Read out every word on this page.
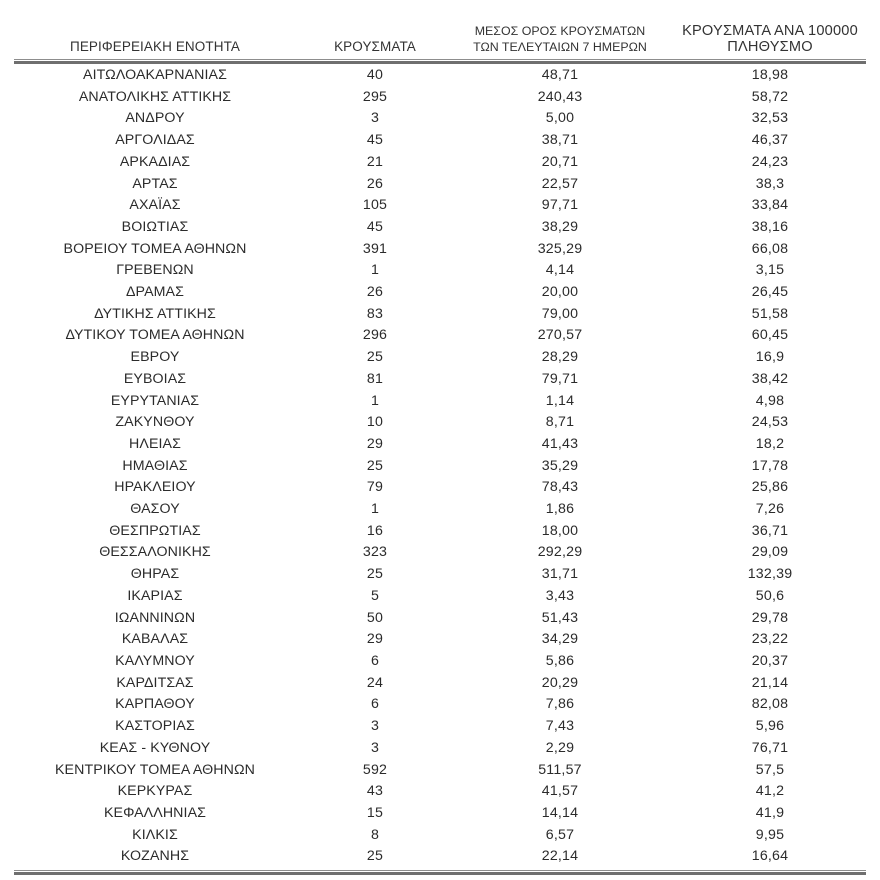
ΠΕΡΙΦΕΡΕΙΑΚΗ ΕΝΟΤΗΤΑ	ΚΡΟΥΣΜΑΤΑ	ΜΕΣΟΣ ΟΡΟΣ ΚΡΟΥΣΜΑΤΩΝ
ΤΩΝ ΤΕΛΕΥΤΑΙΩΝ 7 ΗΜΕΡΩΝ	ΚΡΟΥΣΜΑΤΑ ΑΝΑ 100000
ΠΛΗΘΥΣΜΟ

ΑΙΤΩΛΟΑΚΑΡΝΑΝΙΑΣ	40	48,71	18,98
ΑΝΑΤΟΛΙΚΗΣ ΑΤΤΙΚΗΣ	295	240,43	58,72
ΑΝΔΡΟΥ	3	5,00	32,53
ΑΡΓΟΛΙΔΑΣ	45	38,71	46,37
ΑΡΚΑΔΙΑΣ	21	20,71	24,23
ΑΡΤΑΣ	26	22,57	38,3
ΑΧΑΪΑΣ	105	97,71	33,84
ΒΟΙΩΤΙΑΣ	45	38,29	38,16
ΒΟΡΕΙΟΥ ΤΟΜΕΑ ΑΘΗΝΩΝ	391	325,29	66,08
ΓΡΕΒΕΝΩΝ	1	4,14	3,15
ΔΡΑΜΑΣ	26	20,00	26,45
ΔΥΤΙΚΗΣ ΑΤΤΙΚΗΣ	83	79,00	51,58
ΔΥΤΙΚΟΥ ΤΟΜΕΑ ΑΘΗΝΩΝ	296	270,57	60,45
ΕΒΡΟΥ	25	28,29	16,9
ΕΥΒΟΙΑΣ	81	79,71	38,42
ΕΥΡΥΤΑΝΙΑΣ	1	1,14	4,98
ΖΑΚΥΝΘΟΥ	10	8,71	24,53
ΗΛΕΙΑΣ	29	41,43	18,2
ΗΜΑΘΙΑΣ	25	35,29	17,78
ΗΡΑΚΛΕΙΟΥ	79	78,43	25,86
ΘΑΣΟΥ	1	1,86	7,26
ΘΕΣΠΡΩΤΙΑΣ	16	18,00	36,71
ΘΕΣΣΑΛΟΝΙΚΗΣ	323	292,29	29,09
ΘΗΡΑΣ	25	31,71	132,39
ΙΚΑΡΙΑΣ	5	3,43	50,6
ΙΩΑΝΝΙΝΩΝ	50	51,43	29,78
ΚΑΒΑΛΑΣ	29	34,29	23,22
ΚΑΛΥΜΝΟΥ	6	5,86	20,37
ΚΑΡΔΙΤΣΑΣ	24	20,29	21,14
ΚΑΡΠΑΘΟΥ	6	7,86	82,08
ΚΑΣΤΟΡΙΑΣ	3	7,43	5,96
ΚΕΑΣ - ΚΥΘΝΟΥ	3	2,29	76,71
ΚΕΝΤΡΙΚΟΥ ΤΟΜΕΑ ΑΘΗΝΩΝ	592	511,57	57,5
ΚΕΡΚΥΡΑΣ	43	41,57	41,2
ΚΕΦΑΛΛΗΝΙΑΣ	15	14,14	41,9
ΚΙΛΚΙΣ	8	6,57	9,95
ΚΟΖΑΝΗΣ	25	22,14	16,64
